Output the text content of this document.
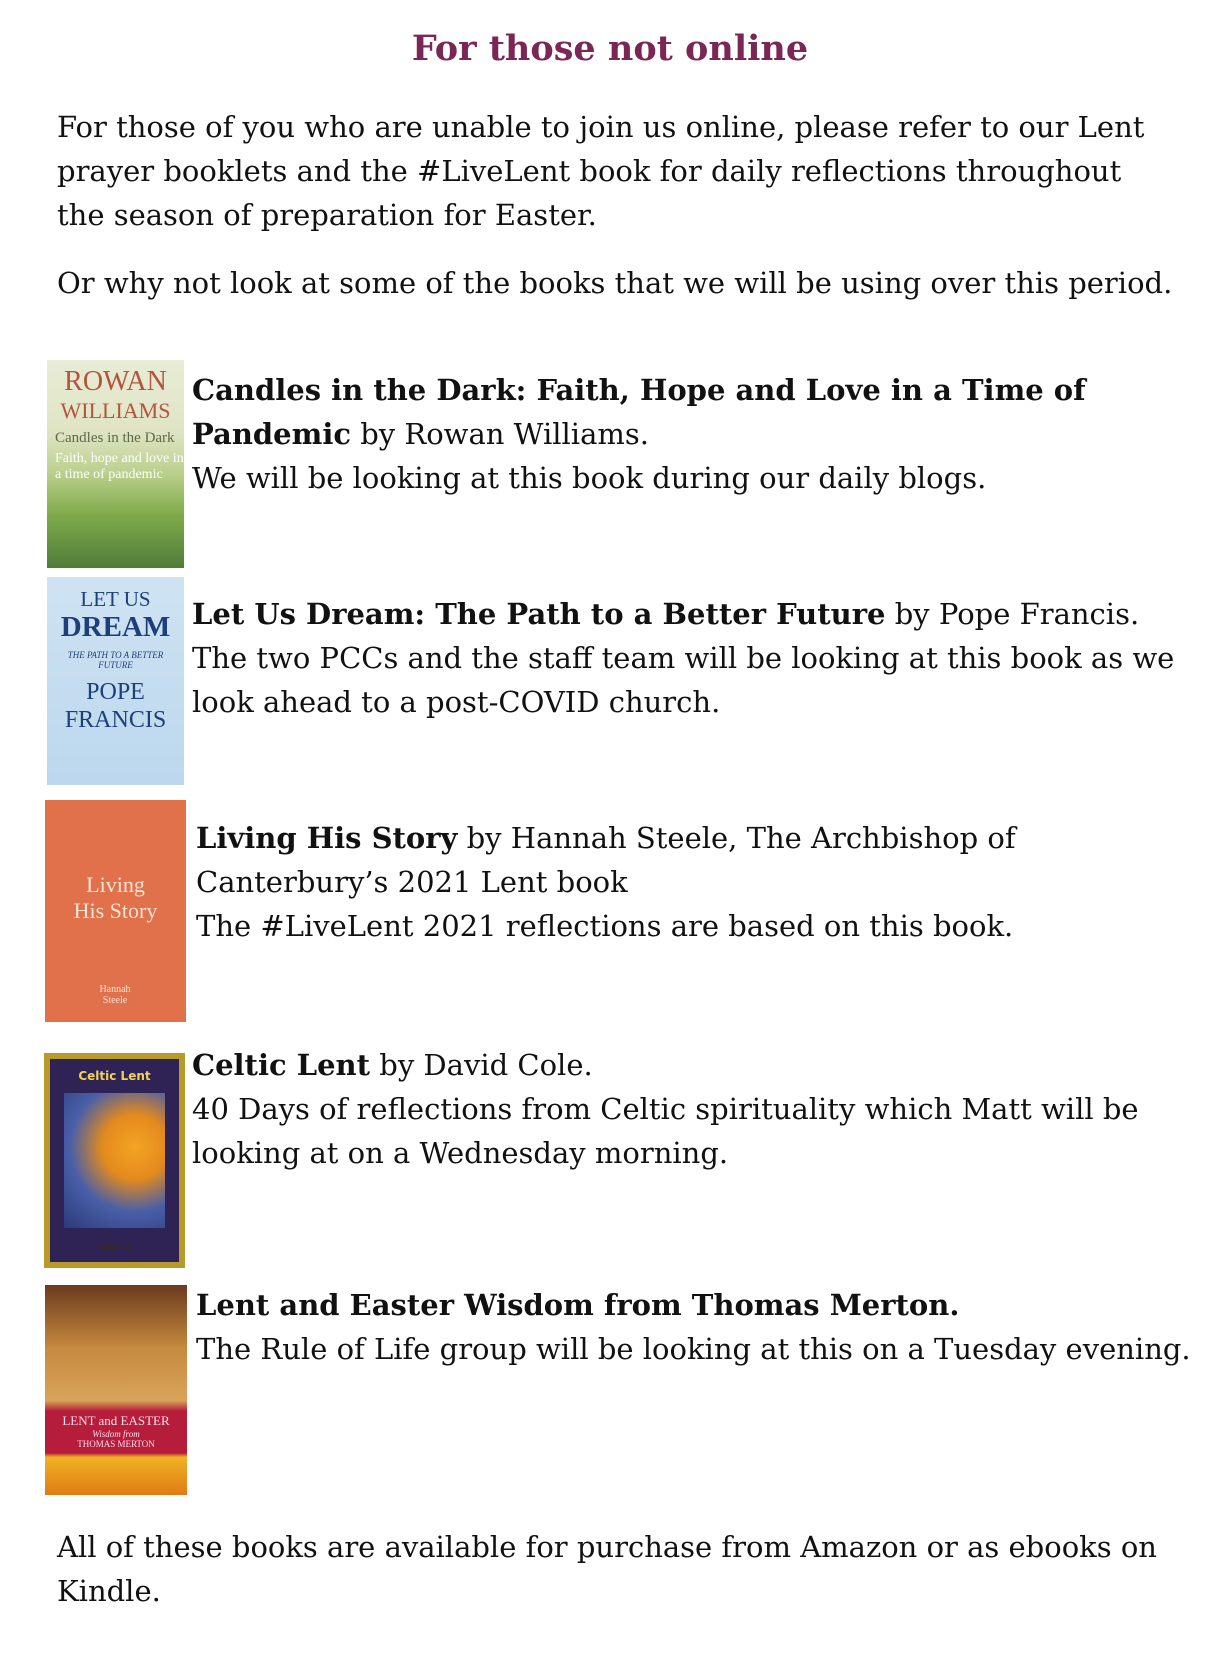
For those not online

For those of you who are unable to join us online, please refer to our Lent prayer booklets and the #LiveLent book for daily reflections throughout the season of preparation for Easter.

Or why not look at some of the books that we will be using over this period.

ROWAN
WILLIAMS
Candles in the Dark
Faith, hope and love in a time of pandemic
Candles in the Dark: Faith, Hope and Love in a Time of Pandemic by Rowan Williams.
We will be looking at this book during our daily blogs.
LET US
DREAM
THE PATH TO A BETTER FUTURE
POPE FRANCIS
Let Us Dream: The Path to a Better Future by Pope Francis.
The two PCCs and the staff team will be looking at this book as we look ahead to a post-COVID church.
Living
His Story
Hannah Steele
Living His Story by Hannah Steele, The Archbishop of Canterbury’s 2021 Lent book
The #LiveLent 2021 reflections are based on this book.
Celtic Lent
David Cole
Celtic Lent by David Cole.
40 Days of reflections from Celtic spirituality which Matt will be looking at on a Wednesday morning.
LENT and EASTER
Wisdom from
THOMAS MERTON
Lent and Easter Wisdom from Thomas Merton.
The Rule of Life group will be looking at this on a Tuesday evening.

All of these books are available for purchase from Amazon or as ebooks on Kindle.
